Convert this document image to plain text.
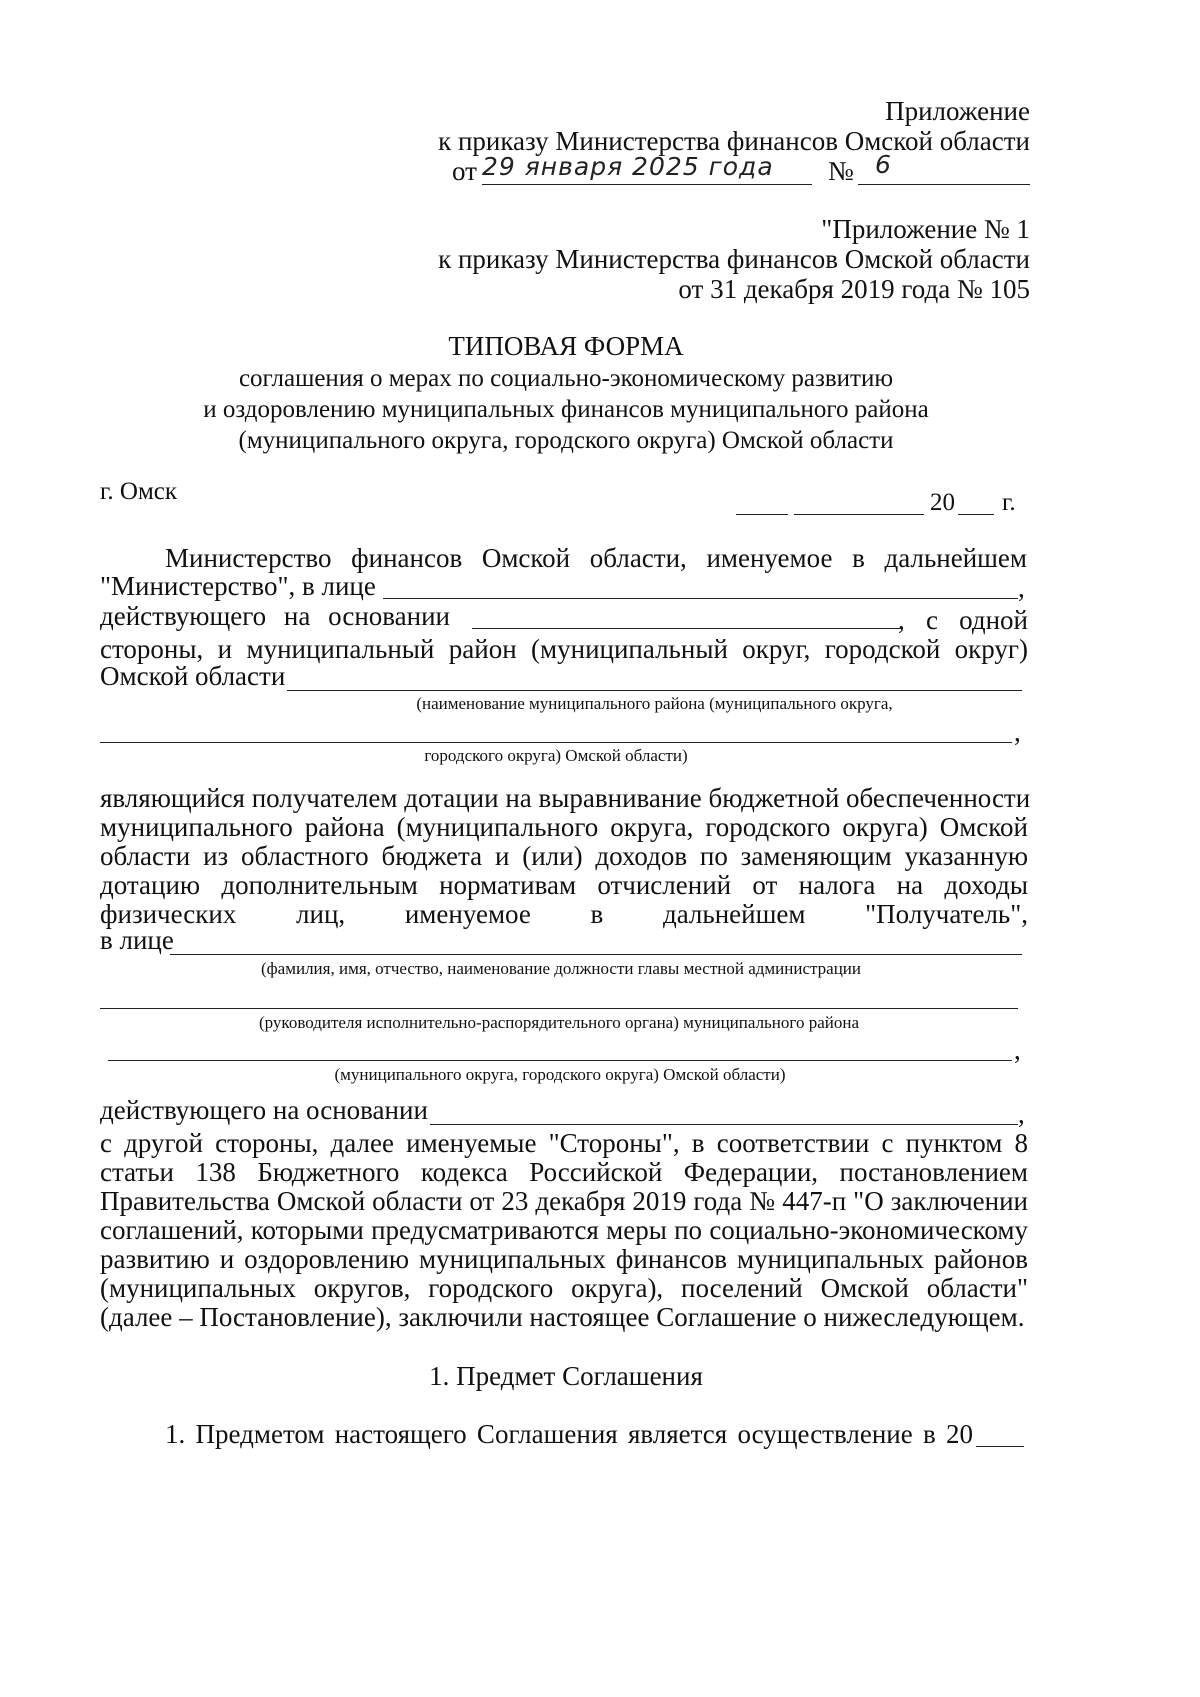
Приложение
к приказу Министерства финансов Омской области
от 29 января 2025 года № 6
"Приложение № 1
к приказу Министерства финансов Омской области
от 31 декабря 2019 года № 105
ТИПОВАЯ ФОРМА
соглашения о мерах по социально-экономическому развитию
и оздоровлению муниципальных финансов муниципального района
(муниципального округа, городского округа) Омской области
г. Омск	20 г.
Министерство финансов Омской области, именуемое в дальнейшем
"Министерство", в лице	,
действующего на основании	, с одной
стороны, и муниципальный район (муниципальный округ, городской округ)
Омской области
(наименование муниципального района (муниципального округа,
,
городского округа) Омской области)
являющийся получателем дотации на выравнивание бюджетной обеспеченности
муниципального района (муниципального округа, городского округа) Омской
области из областного бюджета и (или) доходов по заменяющим указанную
дотацию дополнительным нормативам отчислений от налога на доходы
физических лиц, именуемое в дальнейшем "Получатель",
в лице
(фамилия, имя, отчество, наименование должности главы местной администрации
(руководителя исполнительно-распорядительного органа) муниципального района
,
(муниципального округа, городского округа) Омской области)
действующего на основании	,
с другой стороны, далее именуемые "Стороны", в соответствии с пунктом 8
статьи 138 Бюджетного кодекса Российской Федерации, постановлением
Правительства Омской области от 23 декабря 2019 года № 447-п "О заключении
соглашений, которыми предусматриваются меры по социально-экономическому
развитию и оздоровлению муниципальных финансов муниципальных районов
(муниципальных округов, городского округа), поселений Омской области"
(далее – Постановление), заключили настоящее Соглашение о нижеследующем.
1. Предмет Соглашения
1. Предметом настоящего Соглашения является осуществление в 20
